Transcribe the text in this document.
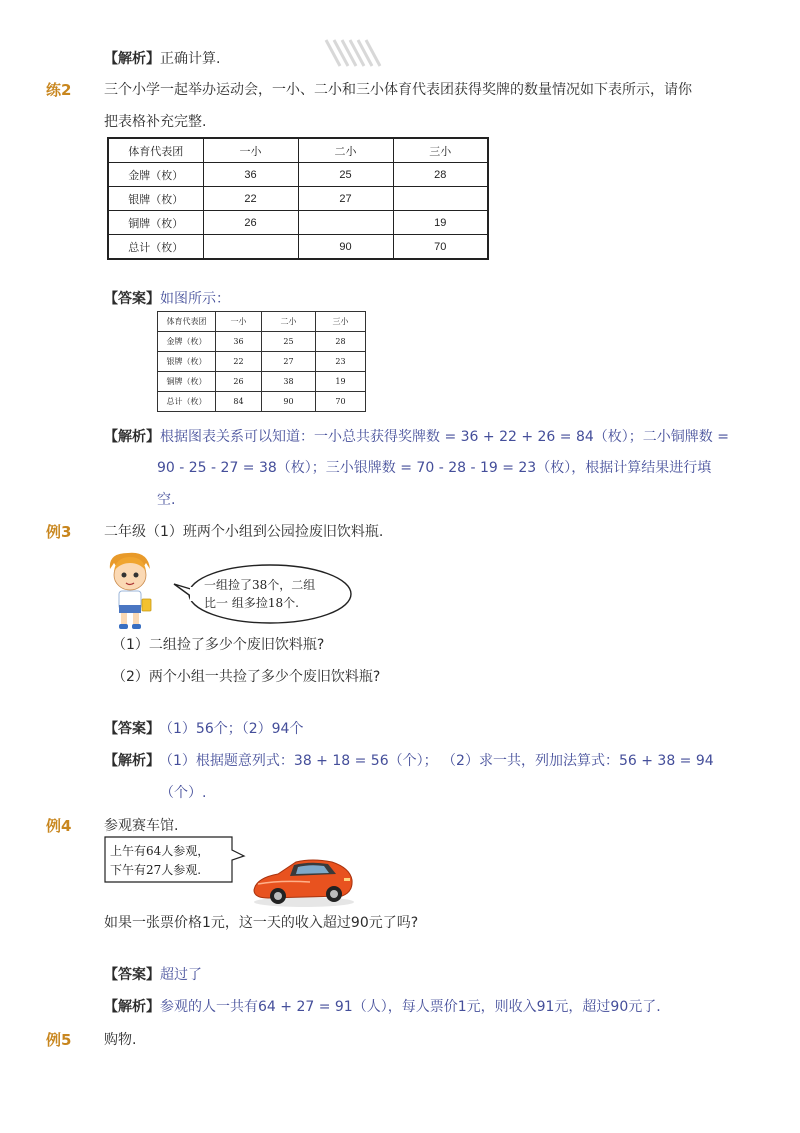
【解析】正确计算.
练2 三个小学一起举办运动会，一小、二小和三小体育代表团获得奖牌的数量情况如下表所示，请你
把表格补充完整.
体育代表团	一小	二小	三小
金牌（枚）	36	25	28
银牌（枚）	22	27	
铜牌（枚）	26		19
总计（枚）		90	70
【答案】如图所示：
体育代表团	一小	二小	三小
金牌（枚）	36	25	28
银牌（枚）	22	27	23
铜牌（枚）	26	38	19
总计（枚）	84	90	70
【解析】根据图表关系可以知道：一小总共获得奖牌数 = 36 + 22 + 26 = 84（枚）；二小铜牌数 =
90 - 25 - 27 = 38（枚）；三小银牌数 = 70 - 28 - 19 = 23（枚），根据计算结果进行填
空.
例3 二年级（1）班两个小组到公园捡废旧饮料瓶.
一组捡了38个，二组
比一 组多捡18个.
（1）二组捡了多少个废旧饮料瓶?
（2）两个小组一共捡了多少个废旧饮料瓶?
【答案】 （1）56个；（2）94个
【解析】 （1）根据题意列式：38 + 18 = 56（个）； （2）求一共，列加法算式：56 + 38 = 94
（个）.
例4 参观赛车馆.
上午有64人参观，
下午有27人参观.
如果一张票价格1元，这一天的收入超过90元了吗?
【答案】超过了
【解析】参观的人一共有64 + 27 = 91（人），每人票价1元，则收入91元，超过90元了.
例5 购物.
